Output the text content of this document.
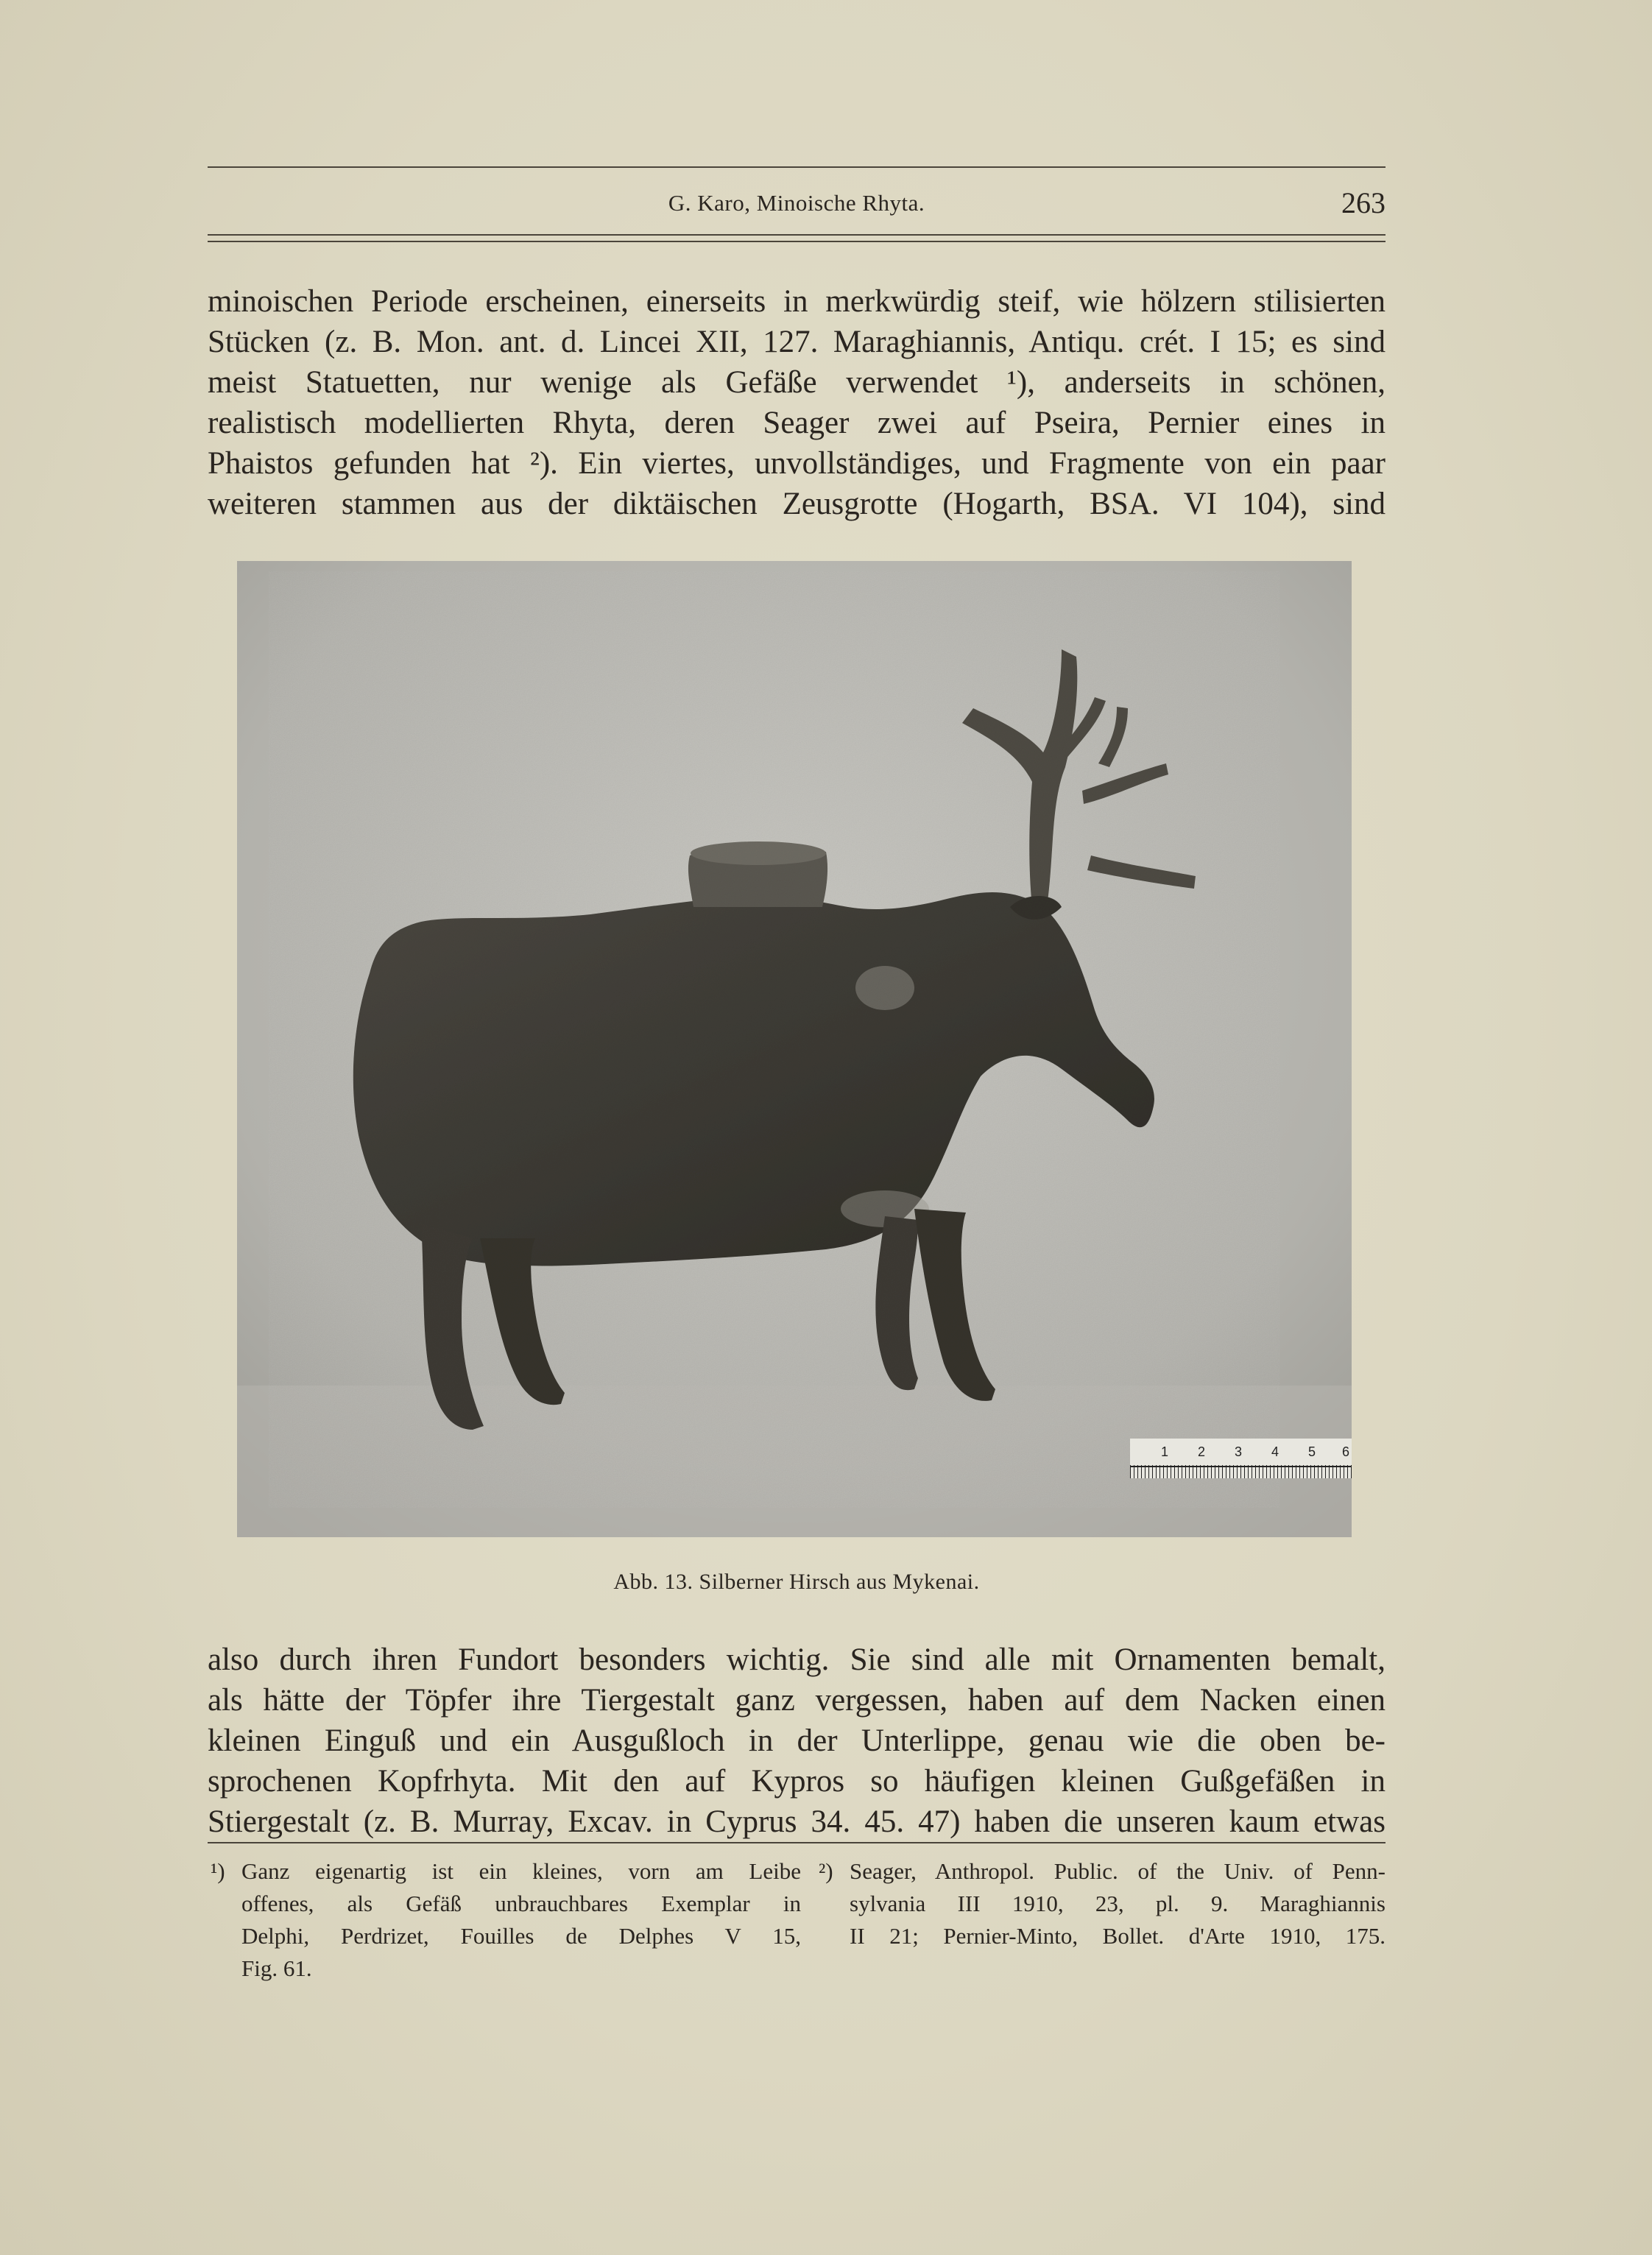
G. Karo, Minoische Rhyta.	263
minoischen Periode erscheinen, einerseits in merkwürdig steif, wie hölzern stilisierten
Stücken (z. B. Mon. ant. d. Lincei XII, 127. Maraghiannis, Antiqu. crét. I 15; es sind
meist Statuetten, nur wenige als Gefäße verwendet ¹), anderseits in schönen,
realistisch modellierten Rhyta, deren Seager zwei auf Pseira, Pernier eines in
Phaistos gefunden hat ²). Ein viertes, unvollständiges, und Fragmente von ein paar
weiteren stammen aus der diktäischen Zeusgrotte (Hogarth, BSA. VI 104), sind
1 2 3 4 5 6
Abb. 13. Silberner Hirsch aus Mykenai.
also durch ihren Fundort besonders wichtig. Sie sind alle mit Ornamenten bemalt,
als hätte der Töpfer ihre Tiergestalt ganz vergessen, haben auf dem Nacken einen
kleinen Einguß und ein Ausgußloch in der Unterlippe, genau wie die oben be-
sprochenen Kopfrhyta. Mit den auf Kypros so häufigen kleinen Gußgefäßen in
Stiergestalt (z. B. Murray, Excav. in Cyprus 34. 45. 47) haben die unseren kaum etwas
¹) Ganz eigenartig ist ein kleines, vorn am Leibe
offenes, als Gefäß unbrauchbares Exemplar in
Delphi, Perdrizet, Fouilles de Delphes V 15,
Fig. 61.
²) Seager, Anthropol. Public. of the Univ. of Penn-
sylvania III 1910, 23, pl. 9. Maraghiannis
II 21; Pernier-Minto, Bollet. d'Arte 1910, 175.
